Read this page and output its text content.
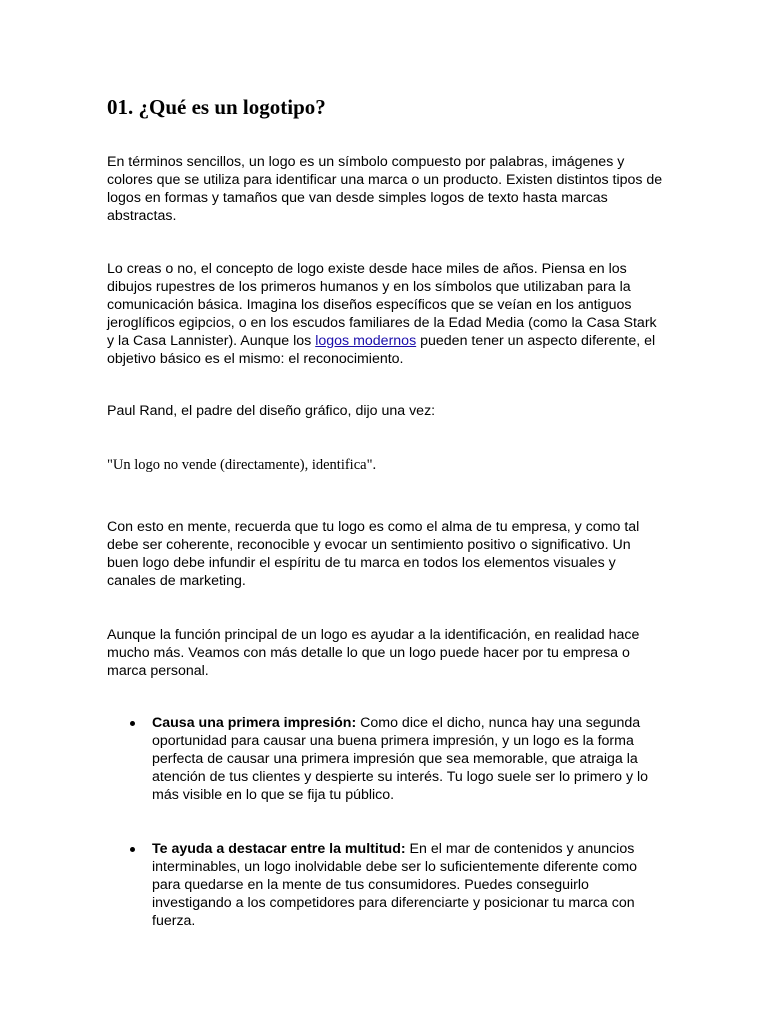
01. ¿Qué es un logotipo?

En términos sencillos, un logo es un símbolo compuesto por palabras, imágenes y colores que se utiliza para identificar una marca o un producto. Existen distintos tipos de logos en formas y tamaños que van desde simples logos de texto hasta marcas abstractas.

Lo creas o no, el concepto de logo existe desde hace miles de años. Piensa en los dibujos rupestres de los primeros humanos y en los símbolos que utilizaban para la comunicación básica. Imagina los diseños específicos que se veían en los antiguos jeroglíficos egipcios, o en los escudos familiares de la Edad Media (como la Casa Stark y la Casa Lannister). Aunque los logos modernos pueden tener un aspecto diferente, el objetivo básico es el mismo: el reconocimiento.

Paul Rand, el padre del diseño gráfico, dijo una vez:

"Un logo no vende (directamente), identifica".

Con esto en mente, recuerda que tu logo es como el alma de tu empresa, y como tal debe ser coherente, reconocible y evocar un sentimiento positivo o significativo. Un buen logo debe infundir el espíritu de tu marca en todos los elementos visuales y canales de marketing.

Aunque la función principal de un logo es ayudar a la identificación, en realidad hace mucho más. Veamos con más detalle lo que un logo puede hacer por tu empresa o marca personal.

Causa una primera impresión: Como dice el dicho, nunca hay una segunda oportunidad para causar una buena primera impresión, y un logo es la forma perfecta de causar una primera impresión que sea memorable, que atraiga la atención de tus clientes y despierte su interés. Tu logo suele ser lo primero y lo más visible en lo que se fija tu público.
Te ayuda a destacar entre la multitud: En el mar de contenidos y anuncios interminables, un logo inolvidable debe ser lo suficientemente diferente como para quedarse en la mente de tus consumidores. Puedes conseguirlo investigando a los competidores para diferenciarte y posicionar tu marca con fuerza.
